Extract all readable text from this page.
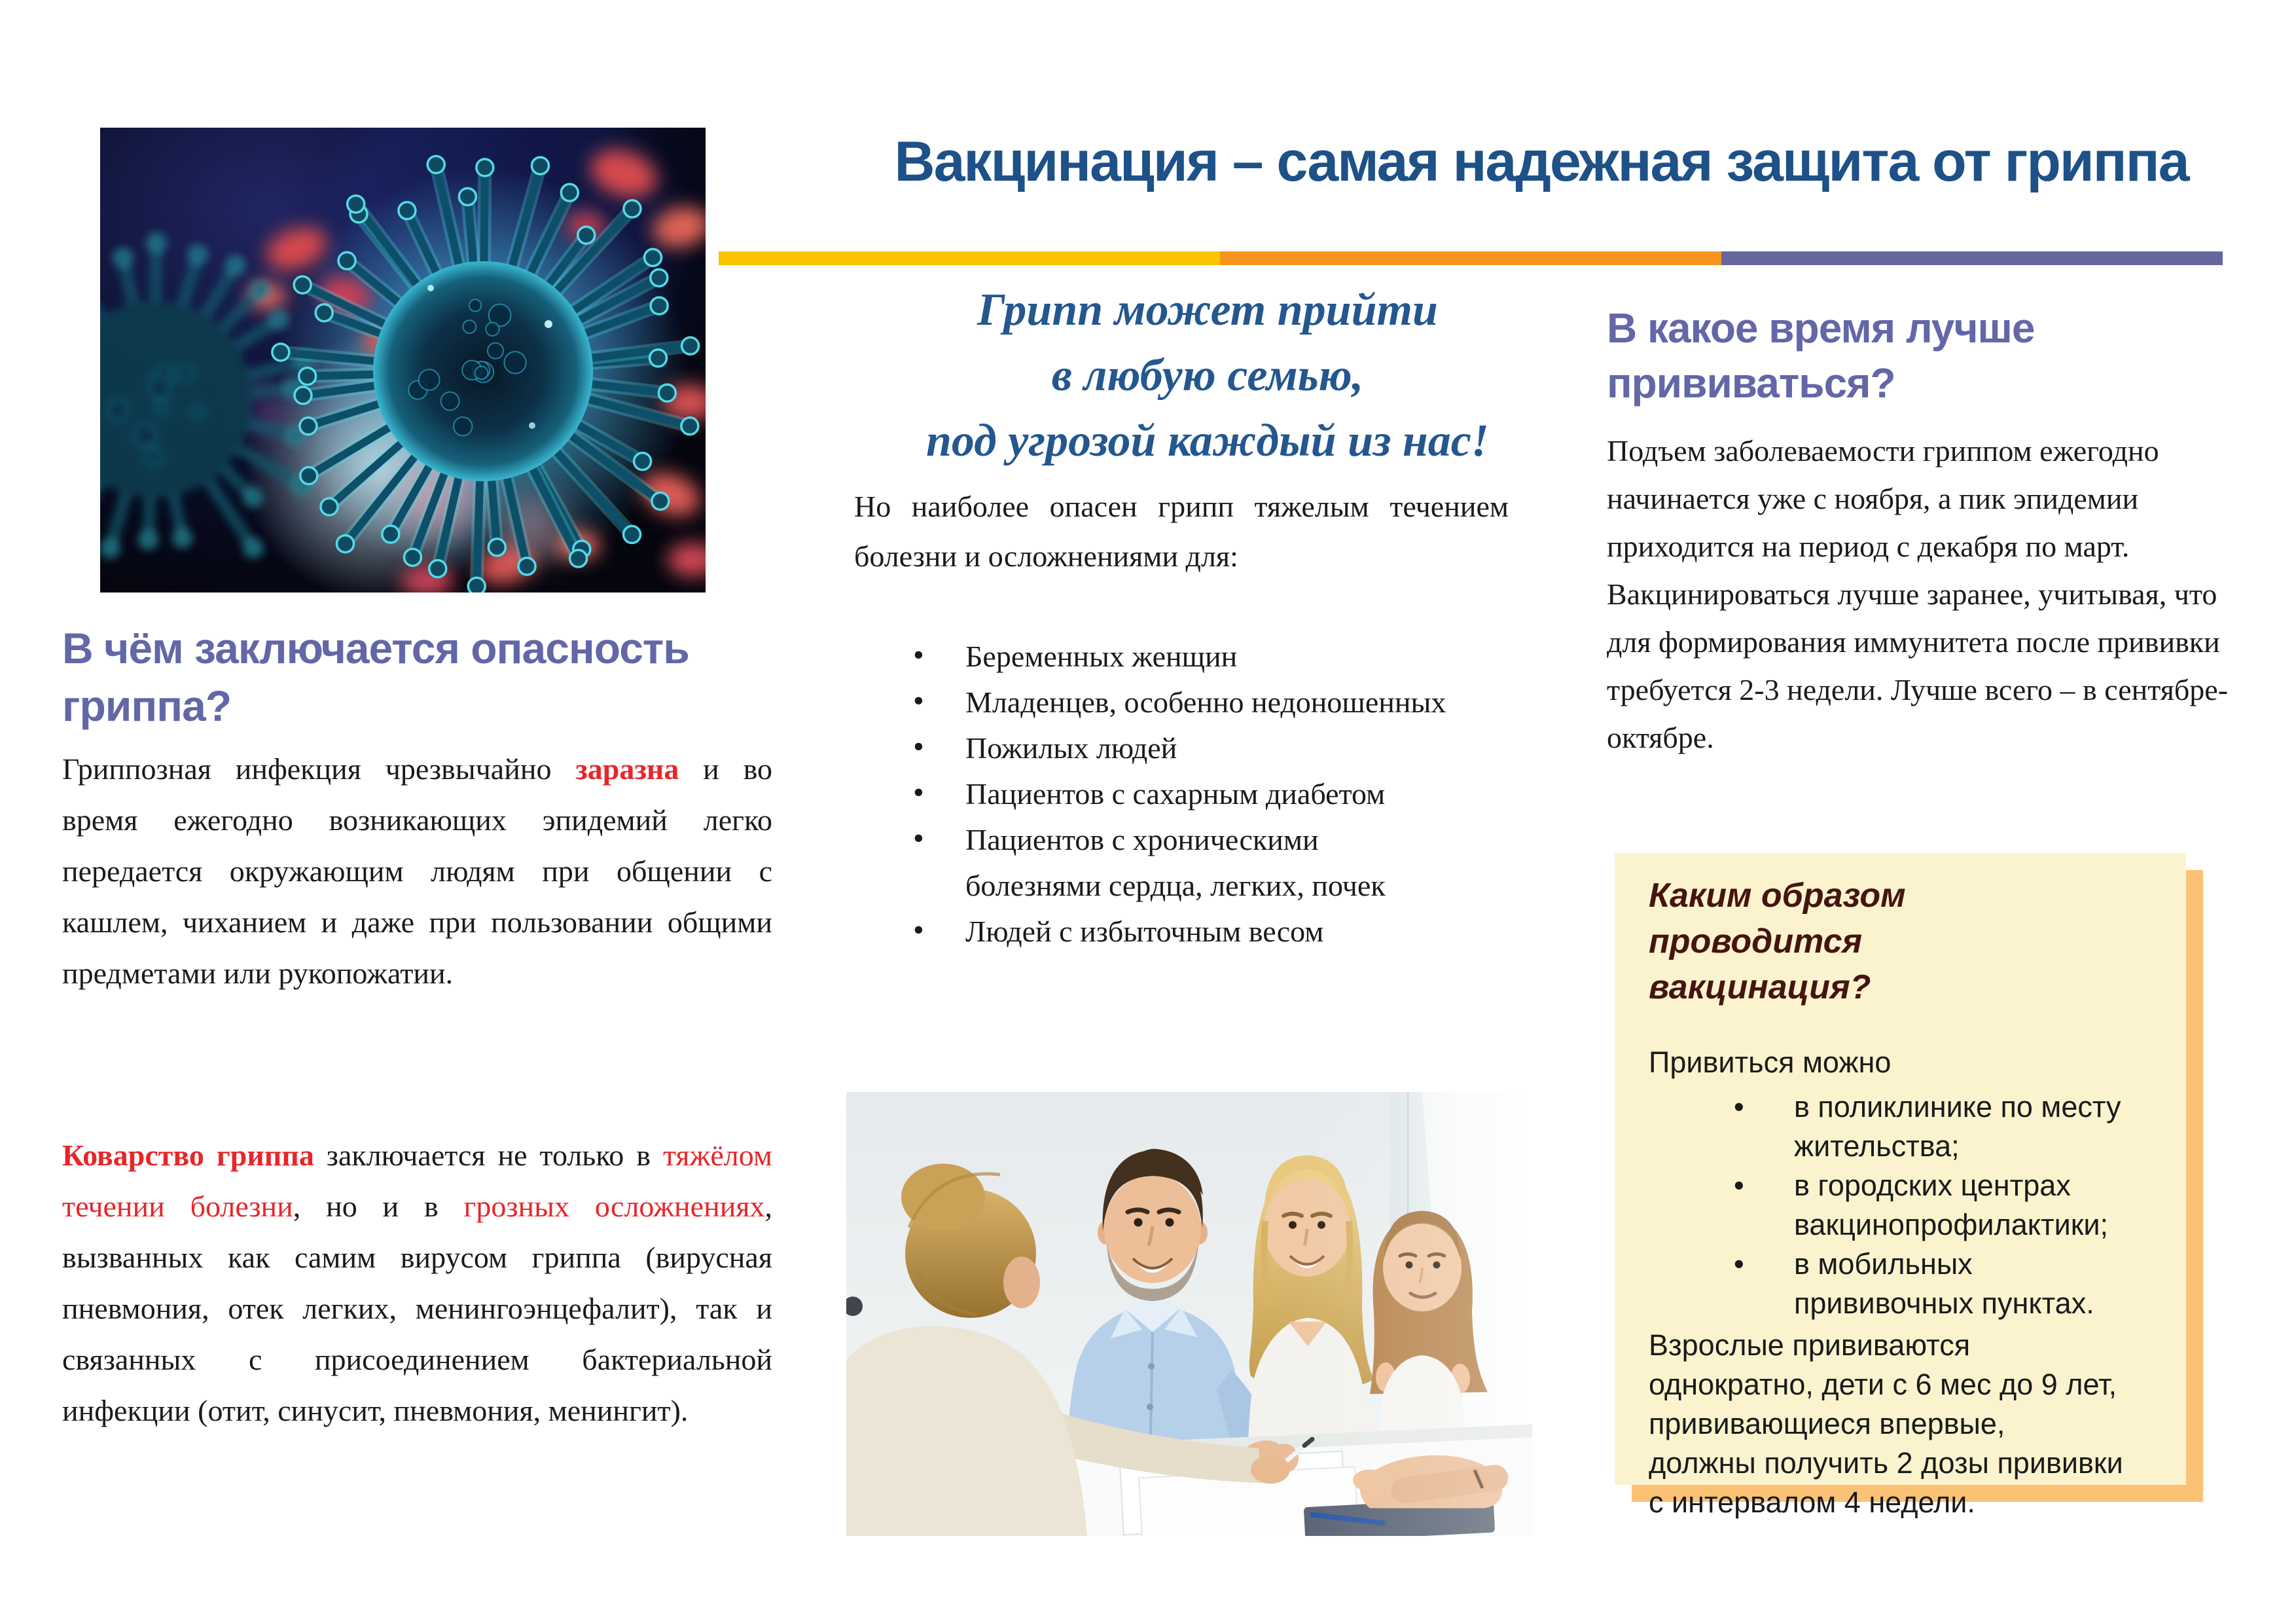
Вакцинация – самая надежная защита от гриппа
В чём заключается опасность гриппа?

Гриппозная инфекция чрезвычайно заразна и во время ежегодно возникающих эпидемий легко передается окружающим людям при общении с кашлем, чиханием и даже при пользовании общими предметами или рукопожатии.

Коварство гриппа заключается не только в тяжёлом течении болезни, но и в грозных осложнениях, вызванных как самим вирусом гриппа (вирусная пневмония, отек легких, менингоэнцефалит), так и связанных с присоединением бактериальной инфекции (отит, синусит, пневмония, менингит).

Грипп может прийти
в любую семью,
под угрозой каждый из нас!

Но наиболее опасен грипп тяжелым течением болезни и осложнениями для:

• Беременных женщин
• Младенцев, особенно недоношенных
• Пожилых людей
• Пациентов с сахарным диабетом
• Пациентов с хроническими болезнями сердца, легких, почек
• Людей с избыточным весом
В какое время лучше прививаться?

Подъем заболеваемости гриппом ежегодно начинается уже с ноября, а пик эпидемии приходится на период с декабря по март. Вакцинироваться лучше заранее, учитывая, что для формирования иммунитета после прививки требуется 2-3 недели. Лучше всего – в сентябре-октябре.

Каким образом проводится вакцинация?
Привиться можно
• в поликлинике по месту жительства;
• в городских центрах вакцинопрофилактики;
• в мобильных прививочных пунктах.
Взрослые прививаются
однократно, дети с 6 мес до 9 лет,
прививающиеся впервые,
должны получить 2 дозы прививки
с интервалом 4 недели.
